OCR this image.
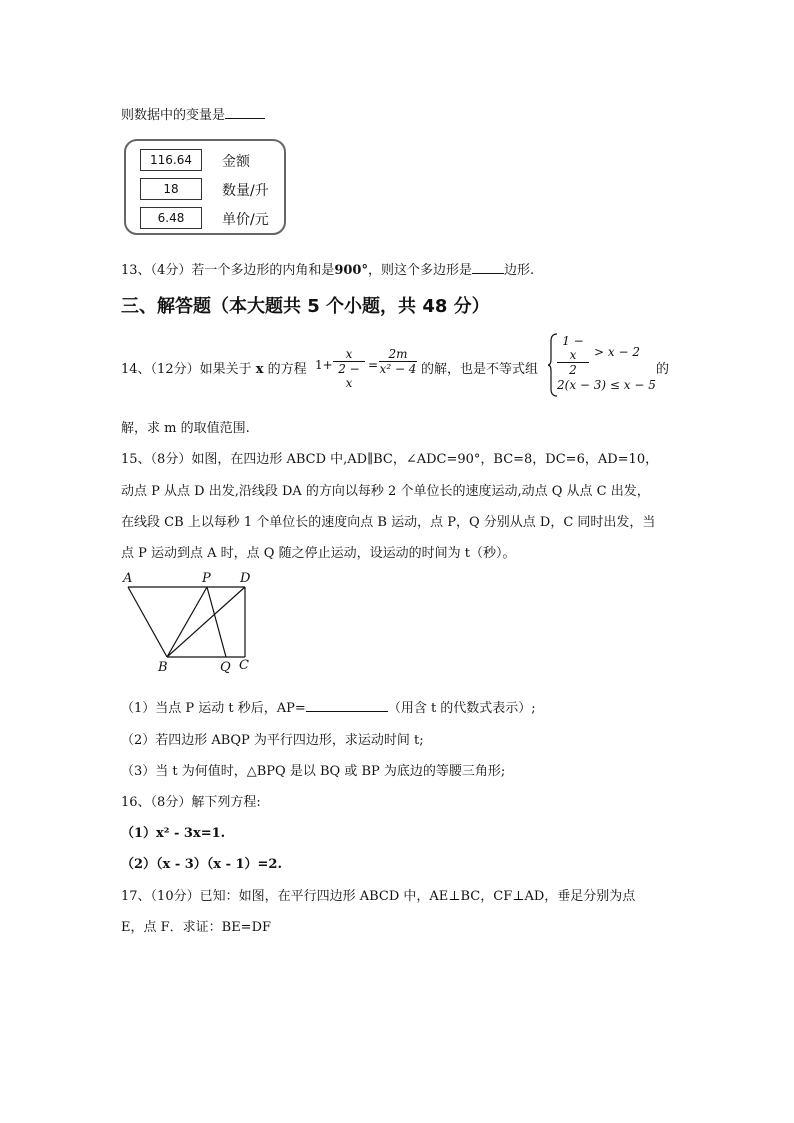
则数据中的变量是
116.64	金额
18	数量/升
6.48	单价/元
13、（4分）若一个多边形的内角和是900°，则这个多边形是 边形.
三、解答题（本大题共 5 个小题，共 48 分）
14、（12分）如果关于 x 的方程 $1+ \frac{x}{2 - x} = \frac{2m}{\text{x² − 4}}$ 的解，也是不等式组 $\frac{1 - x}{2} > x - 2$
2(x − 3) ≤ x − 5
的
解，求 m 的取值范围.
15、（8分）如图，在四边形 ABCD 中,AD∥BC，∠ADC=90°，BC=8，DC=6，AD=10，
动点 P 从点 D 出发,沿线段 DA 的方向以每秒 2 个单位长的速度运动,动点 Q 从点 C 出发，
在线段 CB 上以每秒 1 个单位长的速度向点 B 运动，点 P，Q 分别从点 D，C 同时出发，当
点 P 运动到点 A 时，点 Q 随之停止运动，设运动的时间为 t（秒）。
A	P D
B	Q C
（1）当点 P 运动 t 秒后，AP=	（用含 t 的代数式表示）;
（2）若四边形 ABQP 为平行四边形，求运动时间 t;
（3）当 t 为何值时，△BPQ 是以 BQ 或 BP 为底边的等腰三角形;
16、（8分）解下列方程:
（1）x² - 3x=1.
（2）（x - 3）（x - 1）=2.
17、（10分）已知：如图，在平行四边形 ABCD 中，AE⊥BC，CF⊥AD，垂足分别为点
E，点 F．求证：BE=DF
